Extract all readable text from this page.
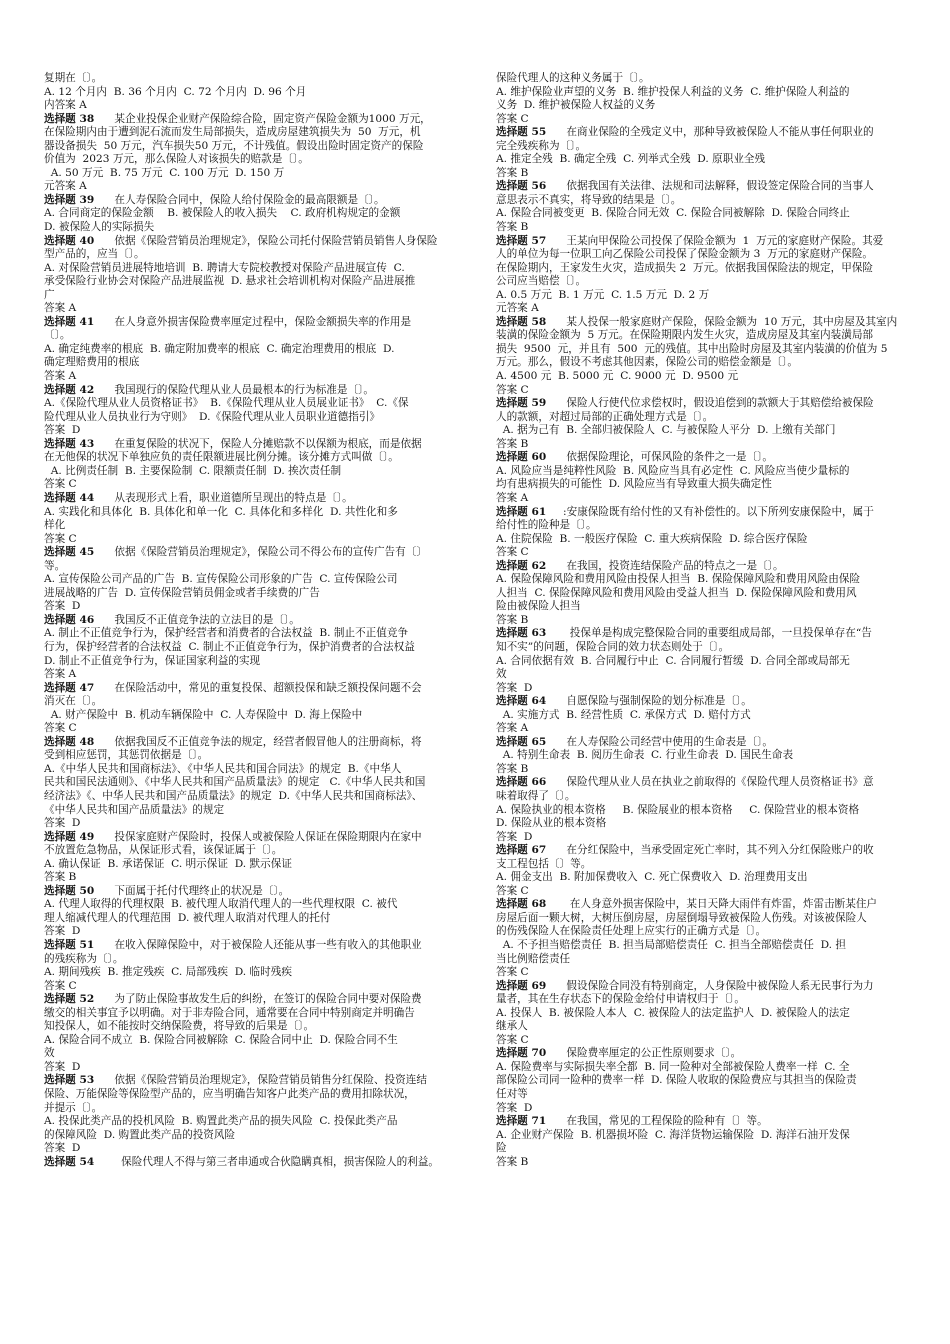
复期在〔〕。
A. 12 个月内  B. 36 个月内  C. 72 个月内  D. 96 个月
内答案 A
选择题 38      某企业投保企业财产保险综合险，固定资产保险金额为1000 万元，
在保险期内由于遭到泥石流而发生局部损失，造成房屋建筑损失为  50  万元，机
器设备损失  50 万元，汽车损失50 万元，不计残值。假设出险时固定资产的保险
价值为  2023 万元，那么保险人对该损失的赔款是〔〕。
A. 50 万元  B. 75 万元  C. 100 万元  D. 150 万
元答案 A
选择题 39      在人寿保险合同中，保险人给付保险金的最高限额是〔〕。
A. 合同商定的保险金额    B. 被保险人的收入损失    C. 政府机构规定的金额
D. 被保险人的实际损失
选择题 40      依据《保险营销员治理规定》，保险公司托付保险营销员销售人身保险
型产品的，应当〔〕。
A. 对保险营销员进展特地培训  B. 聘请大专院校教授对保险产品进展宣传  C.
承受保险行业协会对保险产品进展监视  D. 悬求社会培训机构对保险产品进展推
广
答案 A
选择题 41      在人身意外损害保险费率厘定过程中，保险金额损失率的作用是
〔〕。
A. 确定纯费率的根底  B. 确定附加费率的根底  C. 确定治理费用的根底  D.
确定理赔费用的根底
答案 A
选择题 42      我国现行的保险代理从业人员最根本的行为标准是〔〕。
A.《保险代理从业人员资格证书》  B.《保险代理从业人员展业证书》  C.《保
险代理从业人员执业行为守则》  D.《保险代理从业人员职业道德指引》
答案  D
选择题 43      在重复保险的状况下，保险人分摊赔款不以保额为根底，而是依据
在无他保的状况下单独应负的责任限额进展比例分摊。该分摊方式叫做〔〕。
A. 比例责任制  B. 主要保险制  C. 限额责任制  D. 挨次责任制
答案 C
选择题 44      从表现形式上看，职业道德所呈现出的特点是〔〕。
A. 实践化和具体化  B. 具体化和单一化  C. 具体化和多样化  D. 共性化和多
样化
答案 C
选择题 45      依据《保险营销员治理规定》，保险公司不得公布的宣传广告有〔〕
等。
A. 宣传保险公司产品的广告  B. 宣传保险公司形象的广告  C. 宣传保险公司
进展战略的广告  D. 宣传保险营销员佣金或者手续费的广告
答案  D
选择题 46      我国反不正值竞争法的立法目的是〔〕。
A. 制止不正值竞争行为，保护经营者和消费者的合法权益  B. 制止不正值竞争
行为，保护经营者的合法权益  C. 制止不正值竞争行为，保护消费者的合法权益
D. 制止不正值竞争行为，保证国家利益的实现
答案 A
选择题 47      在保险活动中，常见的重复投保、超额投保和缺乏额投保问题不会
消灭在〔〕。
A. 财产保险中  B. 机动车辆保险中  C. 人寿保险中  D. 海上保险中
答案 C
选择题 48      依据我国反不正值竞争法的规定，经营者假冒他人的注册商标，将
受到相应惩罚，其惩罚依据是〔〕。
A.《中华人民共和国商标法》、《中华人民共和国合同法》的规定  B.《中华人
民共和国民法通则》、《中华人民共和国产品质量法》的规定   C.《中华人民共和国
经济法》《、中华人民共和国产品质量法》的规定  D.《中华人民共和国商标法》、
《中华人民共和国产品质量法》的规定
答案  D
选择题 49      投保家庭财产保险时，投保人或被保险人保证在保险期限内在家中
不放置危急物品，从保证形式看，该保证属于〔〕。
A. 确认保证  B. 承诺保证  C. 明示保证  D. 默示保证
答案 B
选择题 50      下面属于托付代理终止的状况是〔〕。
A. 代理人取得的代理权限  B. 被代理人取消代理人的一些代理权限  C. 被代
理人缩减代理人的代理范围  D. 被代理人取消对代理人的托付
答案  D
选择题 51      在收入保障保险中，对于被保险人还能从事一些有收入的其他职业
的残疾称为〔〕。
A. 期间残疾  B. 推定残疾  C. 局部残疾  D. 临时残疾
答案 C
选择题 52      为了防止保险事故发生后的纠纷，在签订的保险合同中要对保险费
缴交的相关事宜予以明确。对于非寿险合同，通常要在合同中特别商定并明确告
知投保人，如不能按时交纳保险费，将导致的后果是〔〕。
A. 保险合同不成立  B. 保险合同被解除  C. 保险合同中止  D. 保险合同不生
效
答案  D
选择题 53      依据《保险营销员治理规定》，保险营销员销售分红保险、投资连结
保险、万能保险等保险型产品的，应当明确告知客户此类产品的费用扣除状况，
并提示〔〕。
A. 投保此类产品的投机风险  B. 购置此类产品的损失风险  C. 投保此类产品
的保障风险  D. 购置此类产品的投资风险
答案  D
选择题 54        保险代理人不得与第三者串通或合伙隐瞒真相，损害保险人的利益。
保险代理人的这种义务属于〔〕。
A. 维护保险业声望的义务  B. 维护投保人利益的义务  C. 维护保险人利益的
义务  D. 维护被保险人权益的义务
答案 C
选择题 55      在商业保险的全残定义中，那种导致被保险人不能从事任何职业的
完全残疾称为〔〕。
A. 推定全残  B. 确定全残  C. 列举式全残  D. 原职业全残
答案 B
选择题 56      依据我国有关法律、法规和司法解释，假设签定保险合同的当事人
意思表示不真实，将导致的结果是〔〕。
A. 保险合同被变更  B. 保险合同无效  C. 保险合同被解除  D. 保险合同终止
答案 B
选择题 57      王某向甲保险公司投保了保险金额为  1  万元的家庭财产保险。其爱
人的单位为每一位职工向乙保险公司投保了保险金额为 3  万元的家庭财产保险。
在保险期内，王家发生火灾，造成损失 2  万元。依据我国保险法的规定，甲保险
公司应当赔偿〔〕。
A. 0.5 万元  B. 1 万元  C. 1.5 万元  D. 2 万
元答案 A
选择题 58      某人投保一般家庭财产保险，保险金额为  10 万元，其中房屋及其室内
装潢的保险金额为  5 万元。在保险期限内发生火灾，造成房屋及其室内装潢局部
损失  9500  元，并且有  500  元的残值。其中出险时房屋及其室内装潢的价值为 5
万元。那么，假设不考虑其他因素，保险公司的赔偿金额是〔〕。
A. 4500 元  B. 5000 元  C. 9000 元  D. 9500 元
答案 C
选择题 59      保险人行使代位求偿权时，假设追偿到的款额大于其赔偿给被保险
人的款额，对超过局部的正确处理方式是〔〕。
A. 据为己有  B. 全部归被保险人  C. 与被保险人平分  D. 上缴有关部门
答案 B
选择题 60      依据保险理论，可保风险的条件之一是〔〕。
A. 风险应当是纯粹性风险  B. 风险应当具有必定性  C. 风险应当使少量标的
均有患病损失的可能性  D. 风险应当有导致重大损失确定性
答案 A
选择题 61     :安康保险既有给付性的又有补偿性的。以下所列安康保险中，属于
给付性的险种是〔〕。
A. 住院保险  B. 一般医疗保险  C. 重大疾病保险  D. 综合医疗保险
答案 C
选择题 62      在我国，投资连结保险产品的特点之一是〔〕。
A. 保险保障风险和费用风险由投保人担当  B. 保险保障风险和费用风险由保险
人担当  C. 保险保障风险和费用风险由受益人担当  D. 保险保障风险和费用风
险由被保险人担当
答案 B
选择题 63       投保单是构成完整保险合同的重要组成局部，一旦投保单存在“告
知不实”的问题，保险合同的效力状态则处于〔〕。
A. 合同依据有效  B. 合同履行中止  C. 合同履行暂缓  D. 合同全部或局部无
效
答案  D
选择题 64      自愿保险与强制保险的划分标准是〔〕。
A. 实施方式  B. 经营性质  C. 承保方式  D. 赔付方式
答案 A
选择题 65      在人寿保险公司经营中使用的生命表是〔〕。
A. 特别生命表  B. 阅历生命表  C. 行业生命表  D. 国民生命表
答案 B
选择题 66      保险代理从业人员在执业之前取得的《保险代理人员资格证书》意
味着取得了〔〕。
A. 保险执业的根本资格     B. 保险展业的根本资格     C. 保险营业的根本资格
D. 保险从业的根本资格
答案  D
选择题 67      在分红保险中，当承受固定死亡率时，其不列入分红保险账户的收
支工程包括〔〕等。
A. 佣金支出  B. 附加保费收入  C. 死亡保费收入  D. 治理费用支出
答案 C
选择题 68       在人身意外损害保险中，某日天降大雨伴有炸雷，炸雷击断某住户
房屋后面一颗大树，大树压倒房屋，房屋倒塌导致被保险人伤残。对该被保险人
的伤残保险人在保险责任处理上应实行的正确方式是〔〕。
A. 不予担当赔偿责任  B. 担当局部赔偿责任  C. 担当全部赔偿责任  D. 担
当比例赔偿责任
答案 C
选择题 69      假设保险合同没有特别商定，人身保险中被保险人系无民事行为力
量者，其在生存状态下的保险金给付申请权归于〔〕。
A. 投保人  B. 被保险人本人  C. 被保险人的法定监护人  D. 被保险人的法定
继承人
答案 C
选择题 70      保险费率厘定的公正性原则要求〔〕。
A. 保险费率与实际损失率全都  B. 同一险种对全部被保险人费率一样  C. 全
部保险公司同一险种的费率一样  D. 保险人收取的保险费应与其担当的保险责
任对等
答案  D
选择题 71      在我国，常见的工程保险的险种有〔〕等。
A. 企业财产保险  B. 机器损坏险  C. 海洋货物运输保险  D. 海洋石油开发保
险
答案 B
